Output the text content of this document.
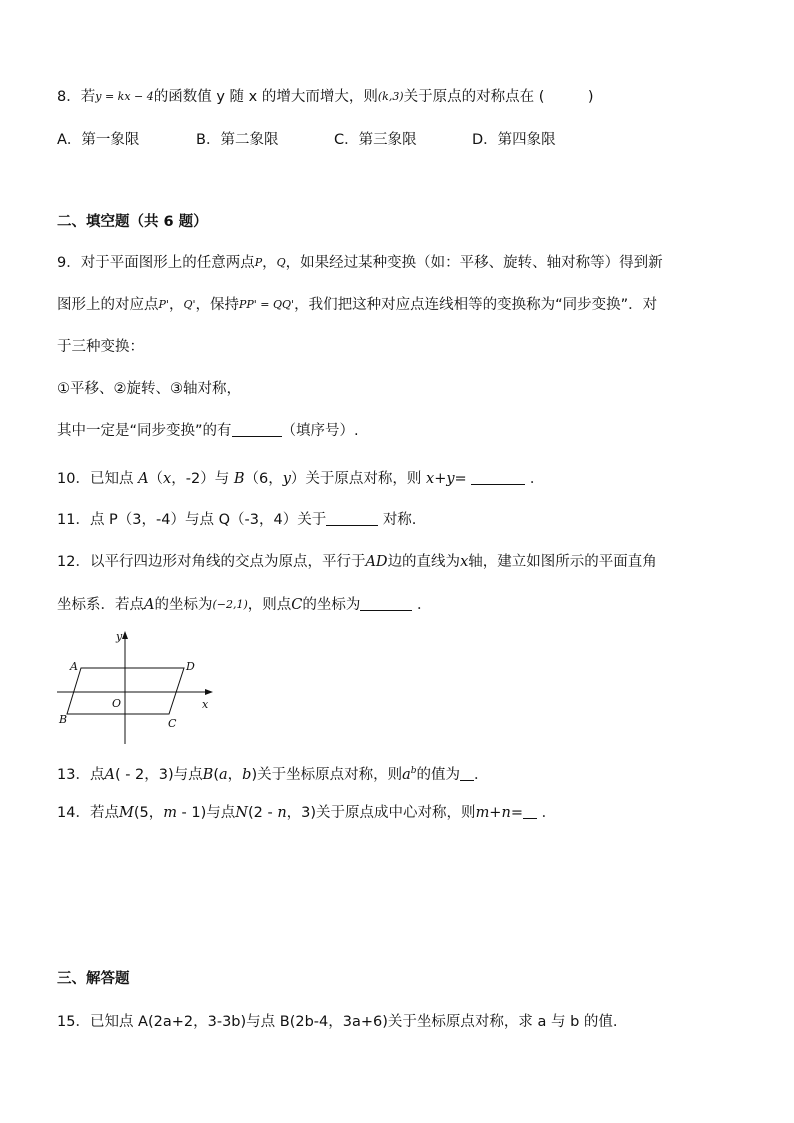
8．若y = kx − 4的函数值 y 随 x 的增大而增大，则(k,3)关于原点的对称点在 (　　　)
A．第一象限	B．第二象限	C．第三象限	D．第四象限
二、填空题（共 6 题）
9．对于平面图形上的任意两点P，Q，如果经过某种变换（如：平移、旋转、轴对称等）得到新
图形上的对应点P'，Q'，保持PP' = QQ'，我们把这种对应点连线相等的变换称为“同步变换”．对
于三种变换：
①平移、②旋转、③轴对称，
其中一定是“同步变换”的有	（填序号）.
10．已知点 A（x，-2）与 B（6，y）关于原点对称，则 x+y=	．
11．点 P（3，-4）与点 Q（-3，4）关于	对称.
12．以平行四边形对角线的交点为原点，平行于AD边的直线为x轴，建立如图所示的平面直角
坐标系．若点A的坐标为(−2,1)，则点C的坐标为	．
y
x
O
A
B	C
D
13．点A( - 2，3)与点B(a，b)关于坐标原点对称，则$a^b$的值为 ．
14．若点M(5，m - 1)与点N(2 - n，3)关于原点成中心对称，则m+n= ．
三、解答题
15．已知点 A(2a+2，3-3b)与点 B(2b-4，3a+6)关于坐标原点对称，求 a 与 b 的值.
